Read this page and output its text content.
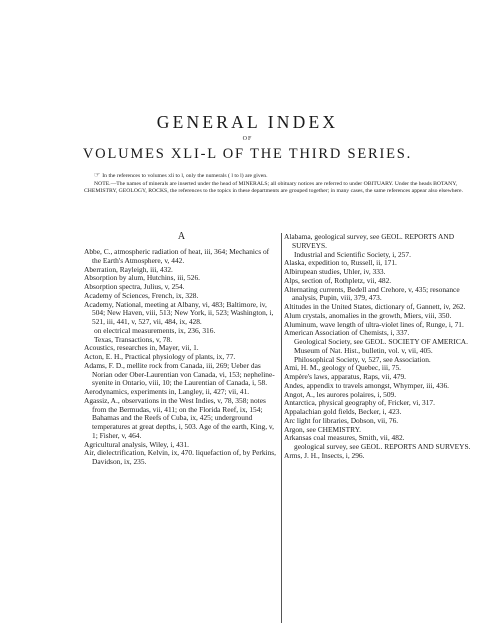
GENERAL INDEX
OF
VOLUMES XLI-L OF THE THIRD SERIES.

☞ In the references to volumes xli to l, only the numerals ( l to l) are given.

NOTE.—The names of minerals are inserted under the head of MINERALS; all obituary notices are referred to under OBITUARY. Under the heads BOTANY, CHEMISTRY, GEOLOGY, ROCKS, the references to the topics in these departments are grouped together; in many cases, the same references appear also elsewhere.

A

Abbe, C., atmospheric radiation of heat, iii, 364; Mechanics of the Earth's Atmosphere, v, 442.

Aberration, Rayleigh, iii, 432.

Absorption by alum, Hutchins, iii, 526.

Absorption spectra, Julius, v, 254.

Academy of Sciences, French, ix, 328.

Academy, National, meeting at Albany, vi, 483; Baltimore, iv, 504; New Haven, viii, 513; New York, ii, 523; Washington, i, 521, iii, 441, v, 527, vii, 484, ix, 428.

on electrical measurements, ix, 236, 316.

Texas, Transactions, v, 78.

Acoustics, researches in, Mayer, vii, 1.

Acton, E. H., Practical physiology of plants, ix, 77.

Adams, F. D., mellite rock from Canada, iii, 269; Ueber das Norian oder Ober-Laurentian von Canada, vi, 153; nepheline-syenite in Ontario, viii, 10; the Laurentian of Canada, i, 58.

Aerodynamics, experiments in, Langley, ii, 427; vii, 41.

Agassiz, A., observations in the West Indies, v, 78, 358; notes from the Bermudas, vii, 411; on the Florida Reef, ix, 154; Bahamas and the Reefs of Cuba, ix, 425; underground temperatures at great depths, i, 503. Age of the earth, King, v, 1; Fisher, v, 464.

Agricultural analysis, Wiley, i, 431.

Air, dielectrification, Kelvin, ix, 470. liquefaction of, by Perkins, Davidson, ix, 235.

Alabama, geological survey, see GEOL. REPORTS AND SURVEYS.

Industrial and Scientific Society, i, 257.

Alaska, expedition to, Russell, ii, 171.

Albirupean studies, Uhler, iv, 333.

Alps, section of, Rothpletz, vii, 482.

Alternating currents, Bedell and Crehore, v, 435; resonance analysis, Pupin, viii, 379, 473.

Altitudes in the United States, dictionary of, Gannett, iv, 262.

Alum crystals, anomalies in the growth, Miers, viii, 350.

Aluminum, wave length of ultra-violet lines of, Runge, i, 71.

American Association of Chemists, i, 337.

Geological Society, see GEOL. SOCIETY OF AMERICA.

Museum of Nat. Hist., bulletin, vol. v, vii, 405.

Philosophical Society, v, 527, see Association.

Ami, H. M., geology of Quebec, iii, 75.

Ampère's laws, apparatus, Raps, vii, 479.

Andes, appendix to travels amongst, Whymper, iii, 436.

Angot, A., les aurores polaires, i, 509.

Antarctica, physical geography of, Fricker, vi, 317.

Appalachian gold fields, Becker, i, 423.

Arc light for libraries, Dobson, vii, 76.

Argon, see CHEMISTRY.

Arkansas coal measures, Smith, vii, 482.

geological survey, see GEOL. REPORTS AND SURVEYS.

Arms, J. H., Insects, i, 296.
